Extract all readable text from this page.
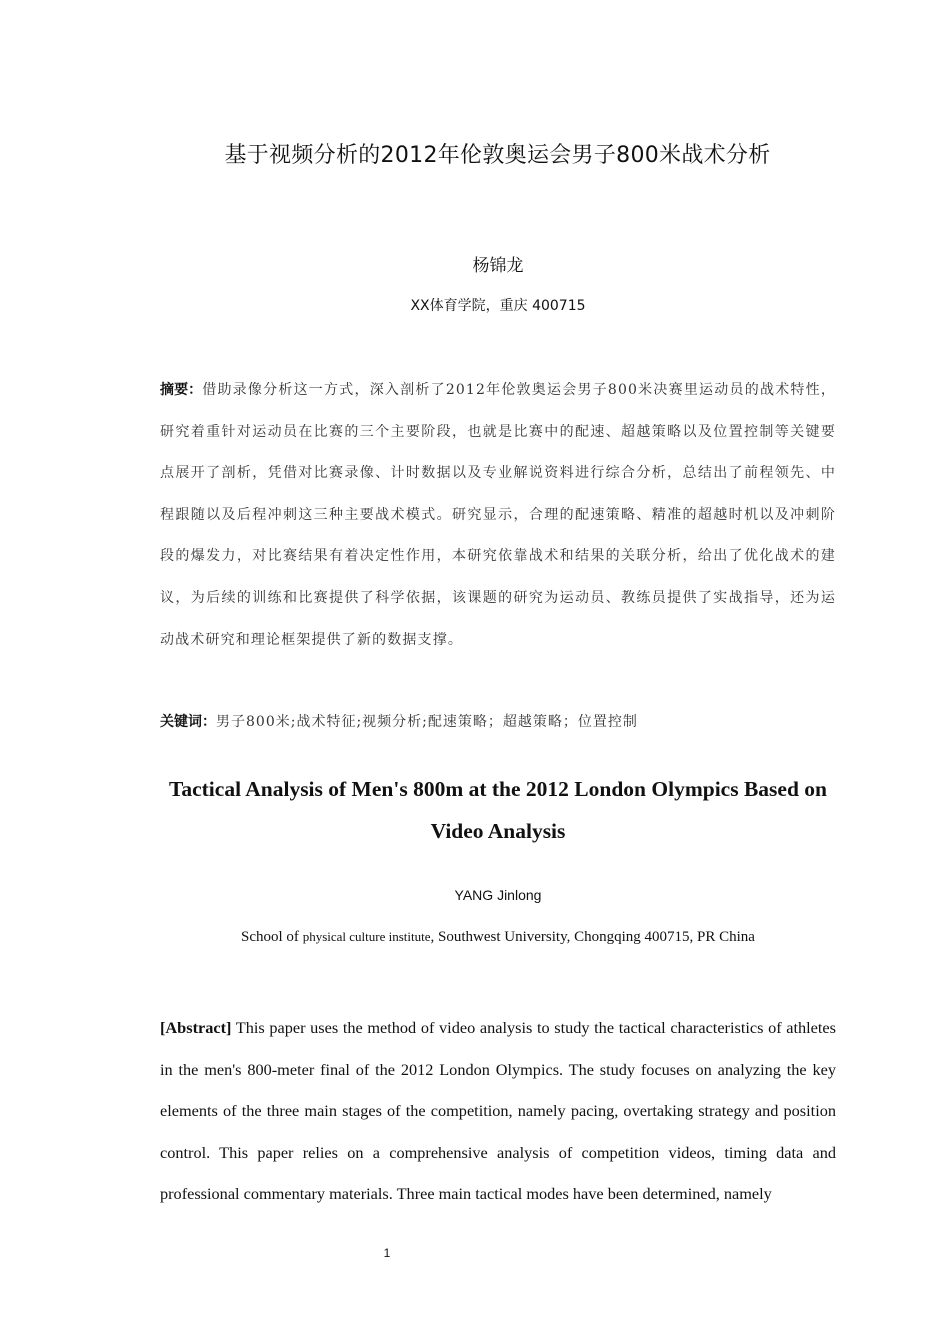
基于视频分析的2012年伦敦奥运会男子800米战术分析
杨锦龙
XX体育学院，重庆 400715
摘要：借助录像分析这一方式，深入剖析了2012年伦敦奥运会男子800米决赛里运动员的战术特性，研究着重针对运动员在比赛的三个主要阶段，也就是比赛中的配速、超越策略以及位置控制等关键要点展开了剖析，凭借对比赛录像、计时数据以及专业解说资料进行综合分析，总结出了前程领先、中程跟随以及后程冲刺这三种主要战术模式。研究显示，合理的配速策略、精准的超越时机以及冲刺阶段的爆发力，对比赛结果有着决定性作用，本研究依靠战术和结果的关联分析，给出了优化战术的建议，为后续的训练和比赛提供了科学依据，该课题的研究为运动员、教练员提供了实战指导，还为运动战术研究和理论框架提供了新的数据支撑。
关键词：男子800米;战术特征;视频分析;配速策略；超越策略；位置控制
Tactical Analysis of Men's 800m at the 2012 London Olympics Based on Video Analysis
YANG Jinlong
School of physical culture institute, Southwest University, Chongqing 400715, PR China
[Abstract] This paper uses the method of video analysis to study the tactical characteristics of athletes in the men's 800-meter final of the 2012 London Olympics. The study focuses on analyzing the key elements of the three main stages of the competition, namely pacing, overtaking strategy and position control. This paper relies on a comprehensive analysis of competition videos, timing data and professional commentary materials. Three main tactical modes have been determined, namely
1
